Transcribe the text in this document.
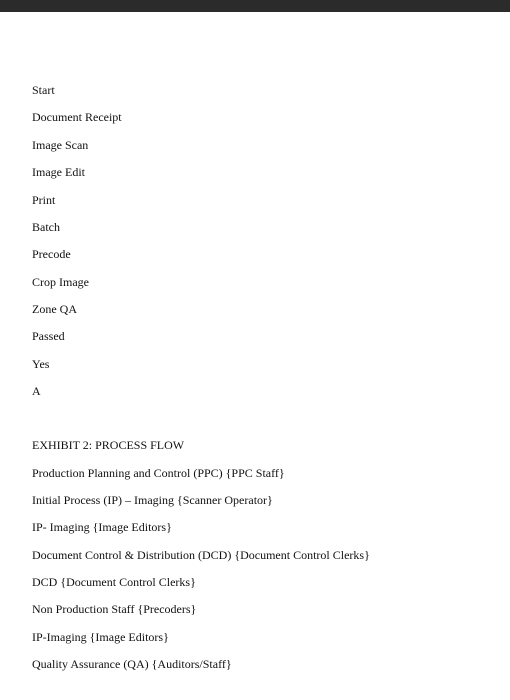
Start
Document Receipt
Image Scan
Image Edit
Print
Batch
Precode
Crop Image
Zone QA
Passed
Yes
A
EXHIBIT 2: PROCESS FLOW
Production Planning and Control (PPC) {PPC Staff}
Initial Process (IP) – Imaging {Scanner Operator}
IP- Imaging {Image Editors}
Document Control & Distribution (DCD) {Document Control Clerks}
DCD {Document Control Clerks}
Non Production Staff {Precoders}
IP-Imaging {Image Editors}
Quality Assurance (QA) {Auditors/Staff}
